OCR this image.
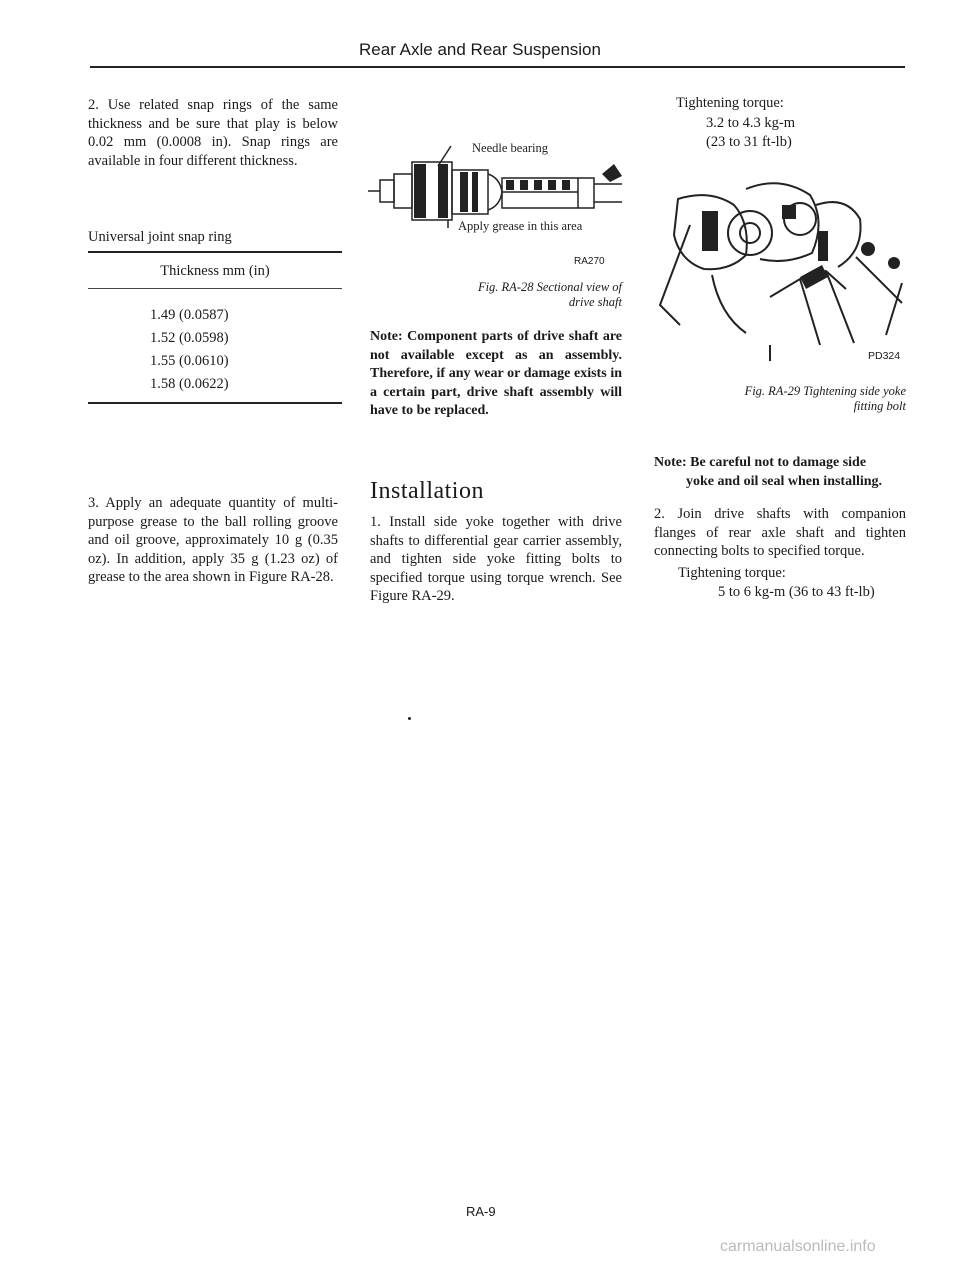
Rear Axle and Rear Suspension
2. Use related snap rings of the same thickness and be sure that play is below 0.02 mm (0.0008 in). Snap rings are available in four different thickness.
Universal joint snap ring
Thickness mm (in)
1.49 (0.0587)
1.52 (0.0598)
1.55 (0.0610)
1.58 (0.0622)
3. Apply an adequate quantity of multi-purpose grease to the ball rolling groove and oil groove, approximately 10 g (0.35 oz). In addition, apply 35 g (1.23 oz) of grease to the area shown in Figure RA-28.
Needle bearing
Apply grease in this area
RA270
Fig. RA-28 Sectional view of
drive shaft
Note: Component parts of drive shaft are not available except as an assembly. Therefore, if any wear or damage exists in a certain part, drive shaft assembly will have to be replaced.
Installation
1. Install side yoke together with drive shafts to differential gear carrier assembly, and tighten side yoke fitting bolts to specified torque using torque wrench. See Figure RA-29.
Tightening torque:
3.2 to 4.3 kg-m
(23 to 31 ft-lb)
PD324
Fig. RA-29 Tightening side yoke
fitting bolt
Note: Be careful not to damage side
yoke and oil seal when installing.
2. Join drive shafts with companion flanges of rear axle shaft and tighten connecting bolts to specified torque.
Tightening torque:
5 to 6 kg-m (36 to 43 ft-lb)
RA-9
carmanualsonline.info
